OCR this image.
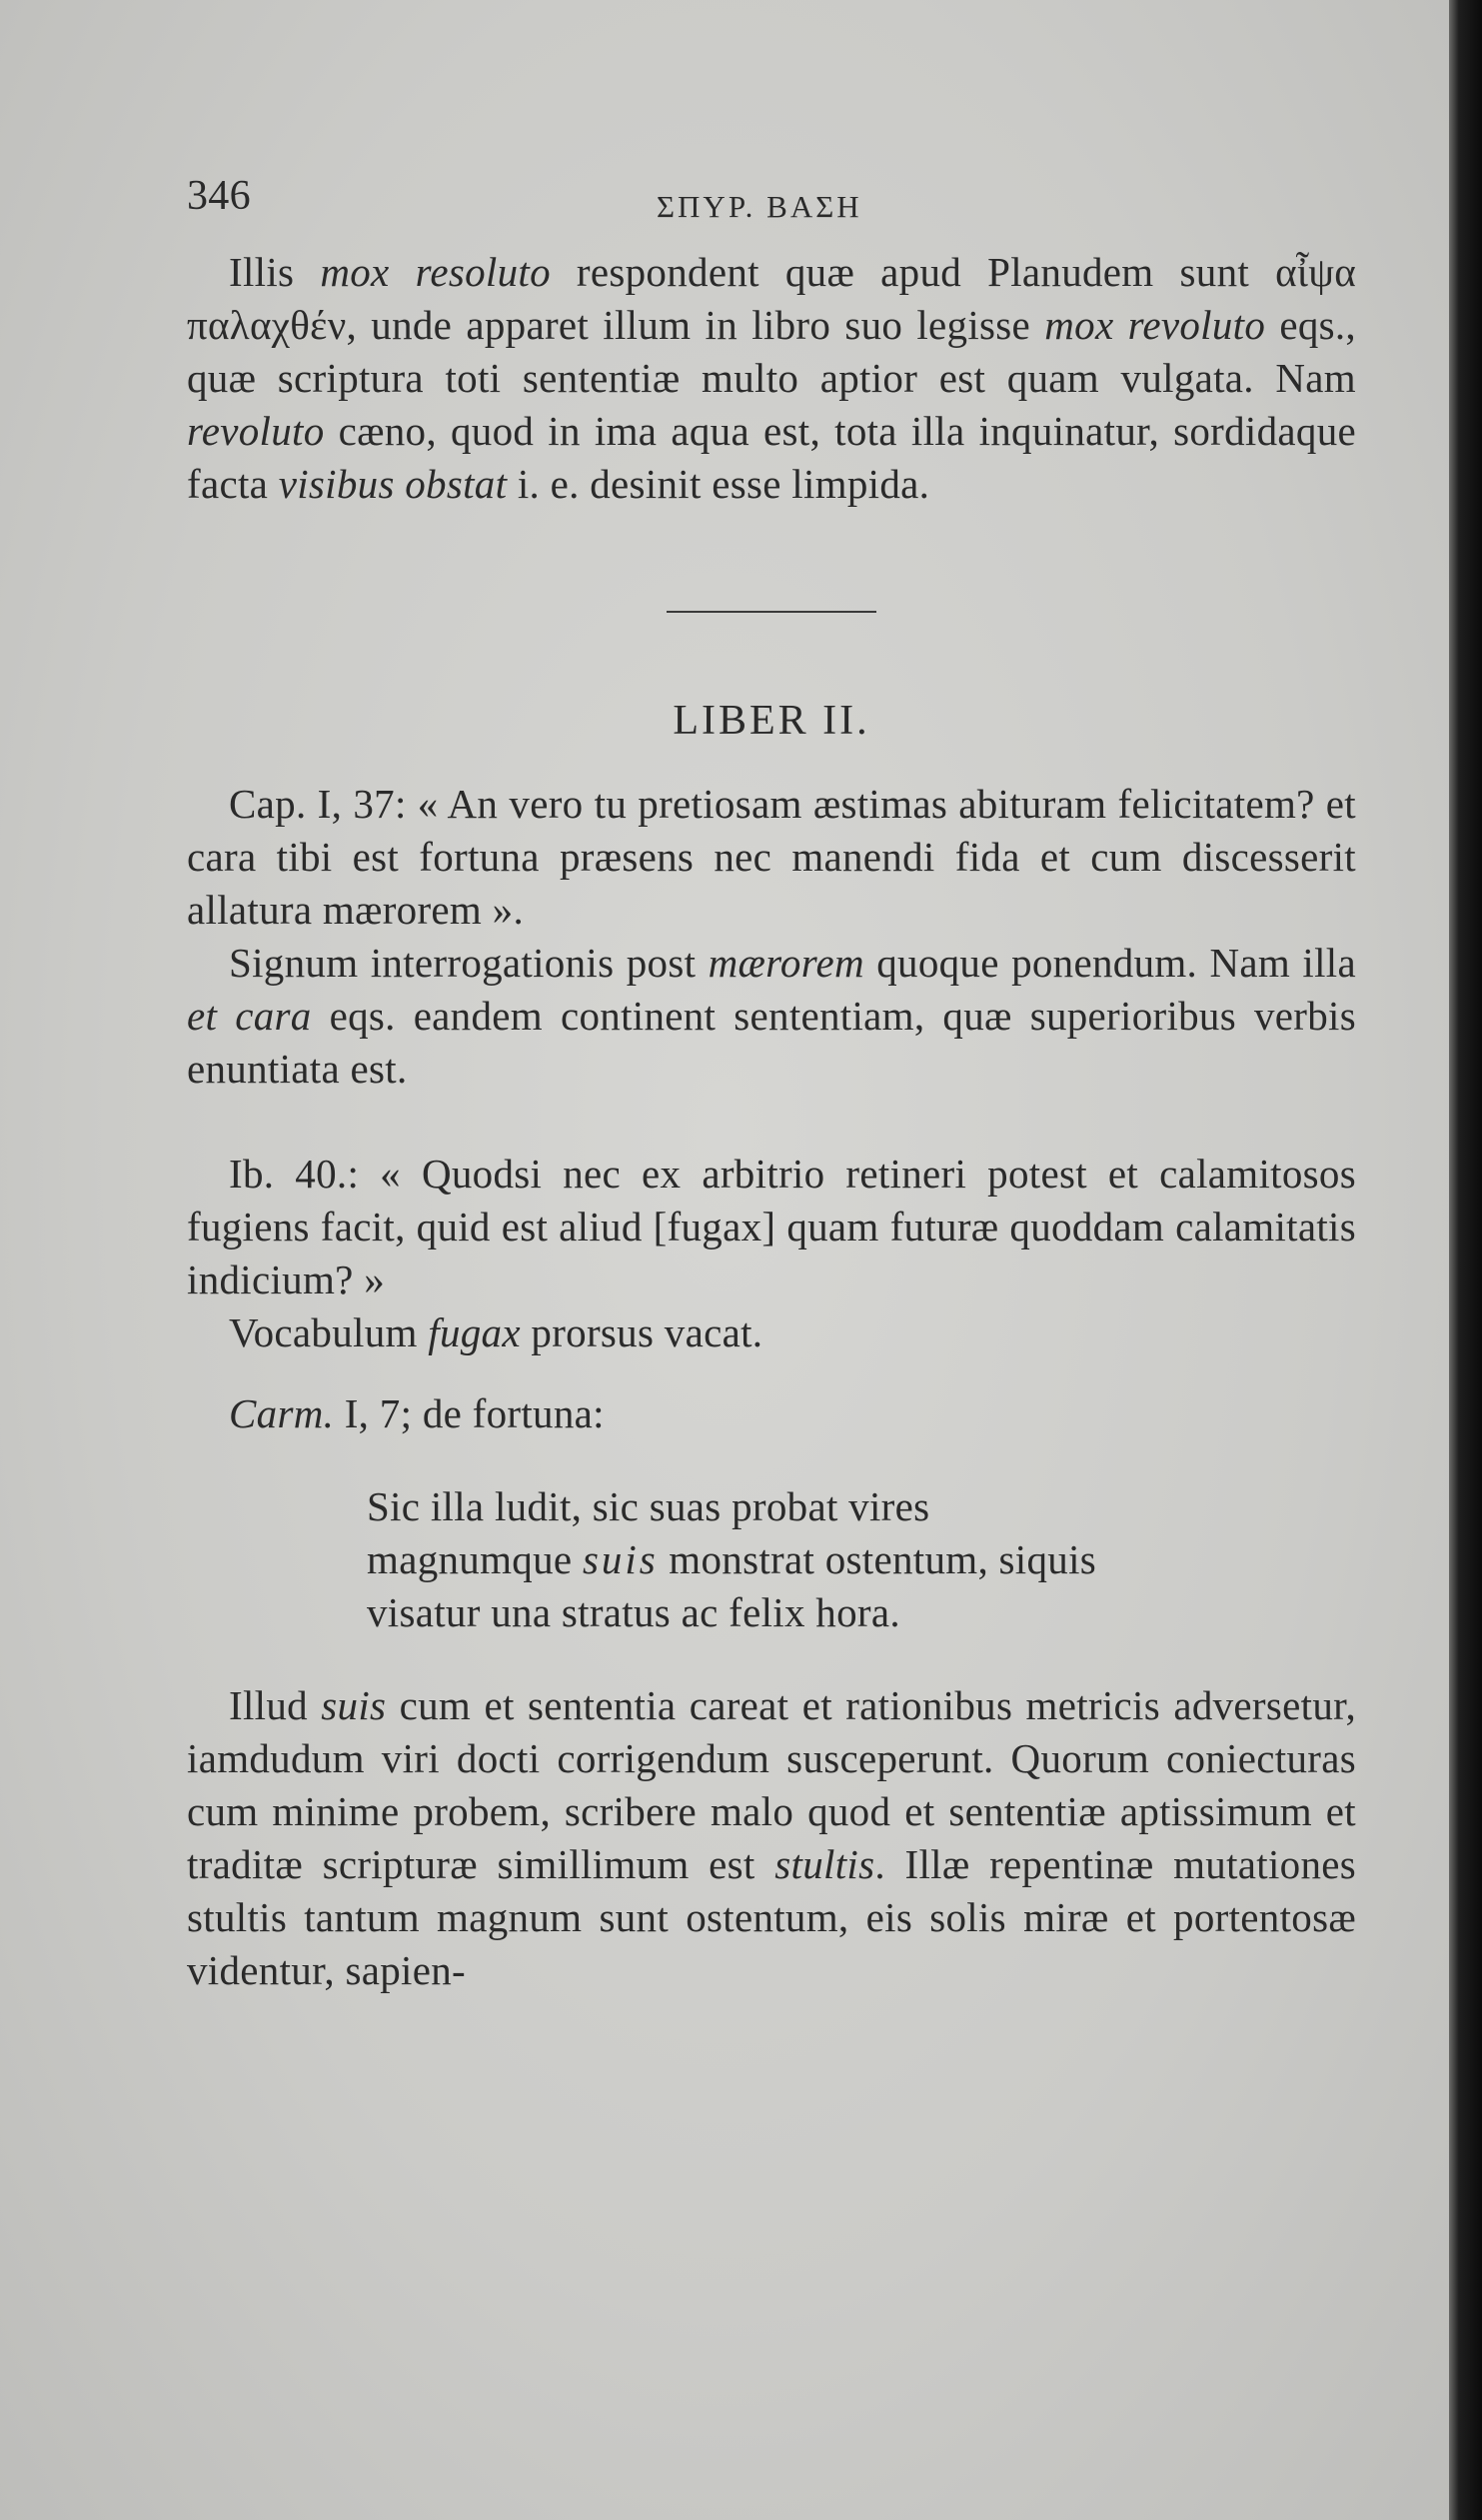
346	ΣΠΥΡ. ΒΑΣΗ

Illis mox resoluto respondent quæ apud Planudem sunt αἶψα παλαχθέν, unde apparet illum in libro suo legisse mox revoluto eqs., quæ scriptura toti sententiæ multo aptior est quam vulgata. Nam revoluto cæno, quod in ima aqua est, tota illa inquinatur, sordidaque facta visibus obstat i. e. desinit esse limpida.

LIBER II.

Cap. I, 37: « An vero tu pretiosam æstimas abituram felicitatem? et cara tibi est fortuna præsens nec manendi fida et cum discesserit allatura mærorem ».

Signum interrogationis post mærorem quoque ponendum. Nam illa et cara eqs. eandem continent sententiam, quæ superioribus verbis enuntiata est.

Ib. 40.: « Quodsi nec ex arbitrio retineri potest et calamitosos fugiens facit, quid est aliud [fugax] quam futuræ quoddam calamitatis indicium? »

Vocabulum fugax prorsus vacat.

Carm. I, 7; de fortuna:

Sic illa ludit, sic suas probat vires
magnumque suis monstrat ostentum, siquis
visatur una stratus ac felix hora.

Illud suis cum et sententia careat et rationibus metricis adversetur, iamdudum viri docti corrigendum susceperunt. Quorum coniecturas cum minime probem, scribere malo quod et sententiæ aptissimum et traditæ scripturæ simillimum est stultis. Illæ repentinæ mutationes stultis tantum magnum sunt ostentum, eis solis miræ et portentosæ videntur, sapien-
